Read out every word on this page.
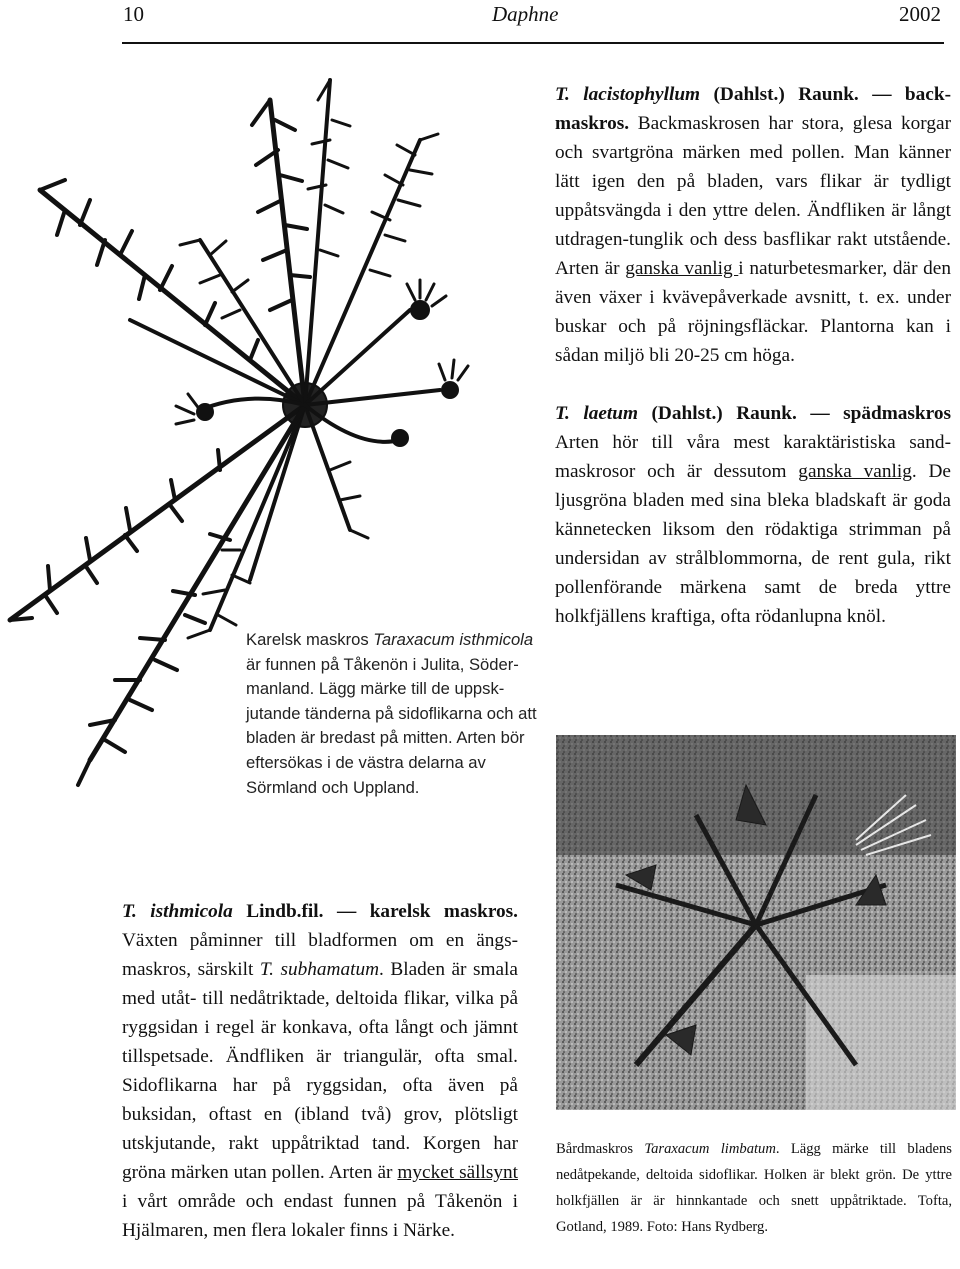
10	Daphne	2002
Karelsk maskros Taraxacum isthmicola är funnen på Tåkenön i Julita, Södermanland. Lägg märke till de uppskjutande tänderna på sidoflikarna och att bladen är bredast på mitten. Arten bör eftersökas i de västra delarna av Sörmland och Uppland.

T. lacistophyllum (Dahlst.) Raunk. — backmaskros. Backmaskrosen har stora, glesa korgar och svartgröna märken med pollen. Man känner lätt igen den på bladen, vars flikar är tydligt uppåtsvängda i den yttre delen. Ändfliken är långt utdragen-tunglik och dess basflikar rakt utstående. Arten är ganska vanlig i naturbetesmarker, där den även växer i kvävepåverkade avsnitt, t. ex. under buskar och på röjningsfläckar. Plantorna kan i sådan miljö bli 20-25 cm höga.

T. laetum (Dahlst.) Raunk. — spädmaskros Arten hör till våra mest karaktäristiska sandmaskrosor och är dessutom ganska vanlig. De ljusgröna bladen med sina bleka bladskaft är goda kännetecken liksom den rödaktiga strimman på undersidan av strålblommorna, de rent gula, rikt pollenförande märkena samt de breda yttre holkfjällens kraftiga, ofta rödanlupna knöl.

Bårdmaskros Taraxacum limbatum. Lägg märke till bladens nedåtpekande, deltoida sidoflikar. Holken är blekt grön. De yttre holkfjällen är är hinnkantade och snett uppåtriktade. Tofta, Gotland, 1989. Foto: Hans Rydberg.

T. isthmicola Lindb.fil. — karelsk maskros. Växten påminner till bladformen om en ängsmaskros, särskilt T. subhamatum. Bladen är smala med utåt- till nedåtriktade, deltoida flikar, vilka på ryggsidan i regel är konkava, ofta långt och jämnt tillspetsade. Ändfliken är triangulär, ofta smal. Sidoflikarna har på ryggsidan, ofta även på buksidan, oftast en (ibland två) grov, plötsligt utskjutande, rakt uppåtriktad tand. Korgen har gröna märken utan pollen. Arten är mycket sällsynt i vårt område och endast funnen på Tåkenön i Hjälmaren, men flera lokaler finns i Närke.
